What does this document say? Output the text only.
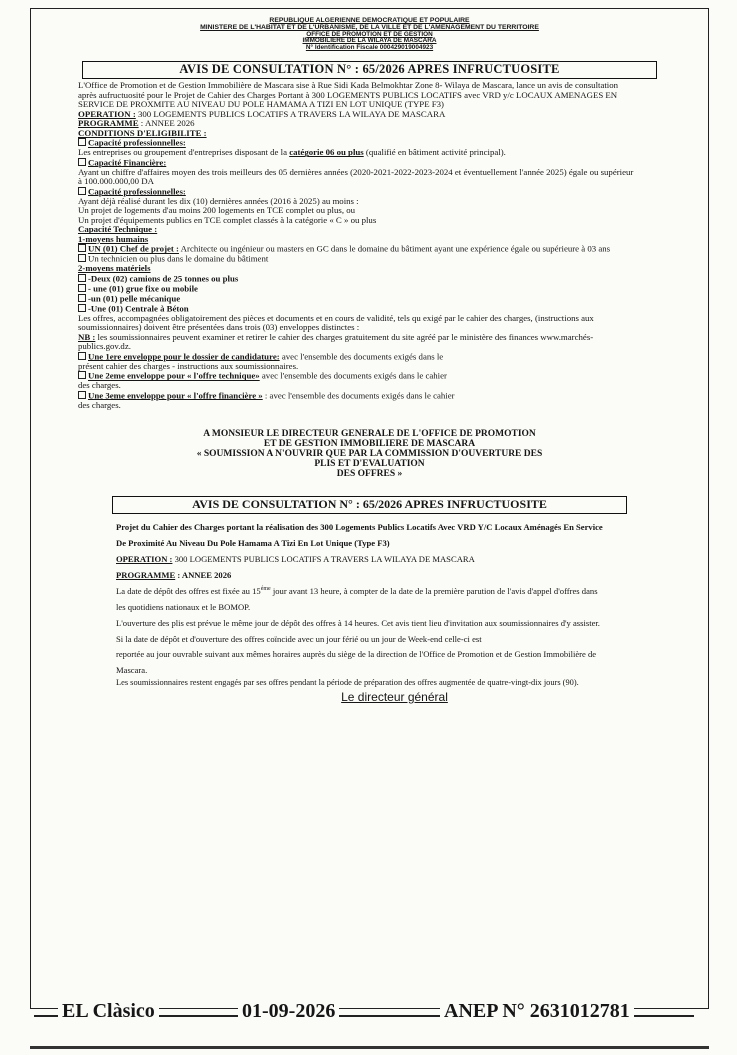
REPUBLIQUE ALGERIENNE DEMOCRATIQUE ET POPULAIRE
MINISTERE DE L'HABITAT ET DE L'URBANISME, DE LA VILLE ET DE L'AMENAGEMENT DU TERRITOIRE
OFFICE DE PROMOTION ET DE GESTION
IMMOBILIERE DE LA WILAYA DE MASCARA
N° Identification Fiscale 000429019004923
AVIS DE CONSULTATION N° : 65/2026 APRES INFRUCTUOSITE

L'Office de Promotion et de Gestion Immobilière de Mascara sise à Rue Sidi Kada Belmokhtar Zone 8- Wilaya de Mascara, lance un avis de consultation après aufructuosité pour le Projet de Cahier des Charges Portant à 300 LOGEMENTS PUBLICS LOCATIFS avec VRD y/c LOCAUX AMENAGES EN SERVICE DE PROXMITE AU NIVEAU DU POLE HAMAMA A TIZI EN LOT UNIQUE (TYPE F3)

OPERATION : 300 LOGEMENTS PUBLICS LOCATIFS A TRAVERS LA WILAYA DE MASCARA

PROGRAMME : ANNEE 2026

CONDITIONS D'ELIGIBILITE :

Capacité professionnelles:

Les entreprises ou groupement d'entreprises disposant de la catégorie 06 ou plus (qualifié en bâtiment activité principal).

Capacité Financière:

Ayant un chiffre d'affaires moyen des trois meilleurs des 05 dernières années (2020-2021-2022-2023-2024 et éventuellement l'année 2025) égale ou supérieur à 100.000.000,00 DA

Capacité professionnelles:

Ayant déjà réalisé durant les dix (10) dernières années (2016 à 2025) au moins :

Un projet de logements d'au moins 200 logements en TCE complet ou plus, ou

Un projet d'équipements publics en TCE complet classés à la catégorie « C » ou plus

Capacité Technique :

1-moyens humains

UN (01) Chef de projet : Architecte ou ingénieur ou masters en GC dans le domaine du bâtiment ayant une expérience égale ou supérieure à 03 ans

Un technicien ou plus dans le domaine du bâtiment

2-moyens matériels

-Deux (02) camions de 25 tonnes ou plus

- une (01) grue fixe ou mobile

-un (01) pelle mécanique

-Une (01) Centrale à Béton

Les offres, accompagnées obligatoirement des pièces et documents et en cours de validité, tels qu exigé par le cahier des charges, (instructions aux soumissionnaires) doivent être présentées dans trois (03) enveloppes distinctes :

NB : les soumissionnaires peuvent examiner et retirer le cahier des charges gratuitement du site agréé par le ministère des finances www.marchés-publics.gov.dz.

Une 1ere enveloppe pour le dossier de candidature: avec l'ensemble des documents exigés dans le

présent cahier des charges - instructions aux soumissionnaires.

Une 2eme enveloppe pour « l'offre technique» avec l'ensemble des documents exigés dans le cahier

des charges.

Une 3eme enveloppe pour « l'offre financière » : avec l'ensemble des documents exigés dans le cahier

des charges.

A MONSIEUR LE DIRECTEUR GENERALE DE L'OFFICE DE PROMOTION
ET DE GESTION IMMOBILIERE DE MASCARA
« SOUMISSION A N'OUVRIR QUE PAR LA COMMISSION D'OUVERTURE DES
PLIS ET D'EVALUATION
DES OFFRES »
AVIS DE CONSULTATION N° : 65/2026 APRES INFRUCTUOSITE

Projet du Cahier des Charges portant la réalisation des 300 Logements Publics Locatifs Avec VRD Y/C Locaux Aménagés En Service De Proximité Au Niveau Du Pole Hamama A Tizi En Lot Unique (Type F3)

OPERATION : 300 LOGEMENTS PUBLICS LOCATIFS A TRAVERS LA WILAYA DE MASCARA

PROGRAMME : ANNEE 2026

La date de dépôt des offres est fixée au $15^{éme}$ jour avant 13 heure, à compter de la date de la première parution de l'avis d'appel d'offres dans les quotidiens nationaux et le BOMOP.

L'ouverture des plis est prévue le même jour de dépôt des offres à 14 heures. Cet avis tient lieu d'invitation aux soumissionnaires d'y assister.

Si la date de dépôt et d'ouverture des offres coïncide avec un jour férié ou un jour de Week-end celle-ci est

reportée au jour ouvrable suivant aux mêmes horaires auprès du siège de la direction de l'Office de Promotion et de Gestion Immobilière de Mascara.

Les soumissionnaires restent engagés par ses offres pendant la période de préparation des offres augmentée de quatre-vingt-dix jours (90).

Le directeur général
EL Clàsico	01-09-2026	ANEP N° 2631012781
